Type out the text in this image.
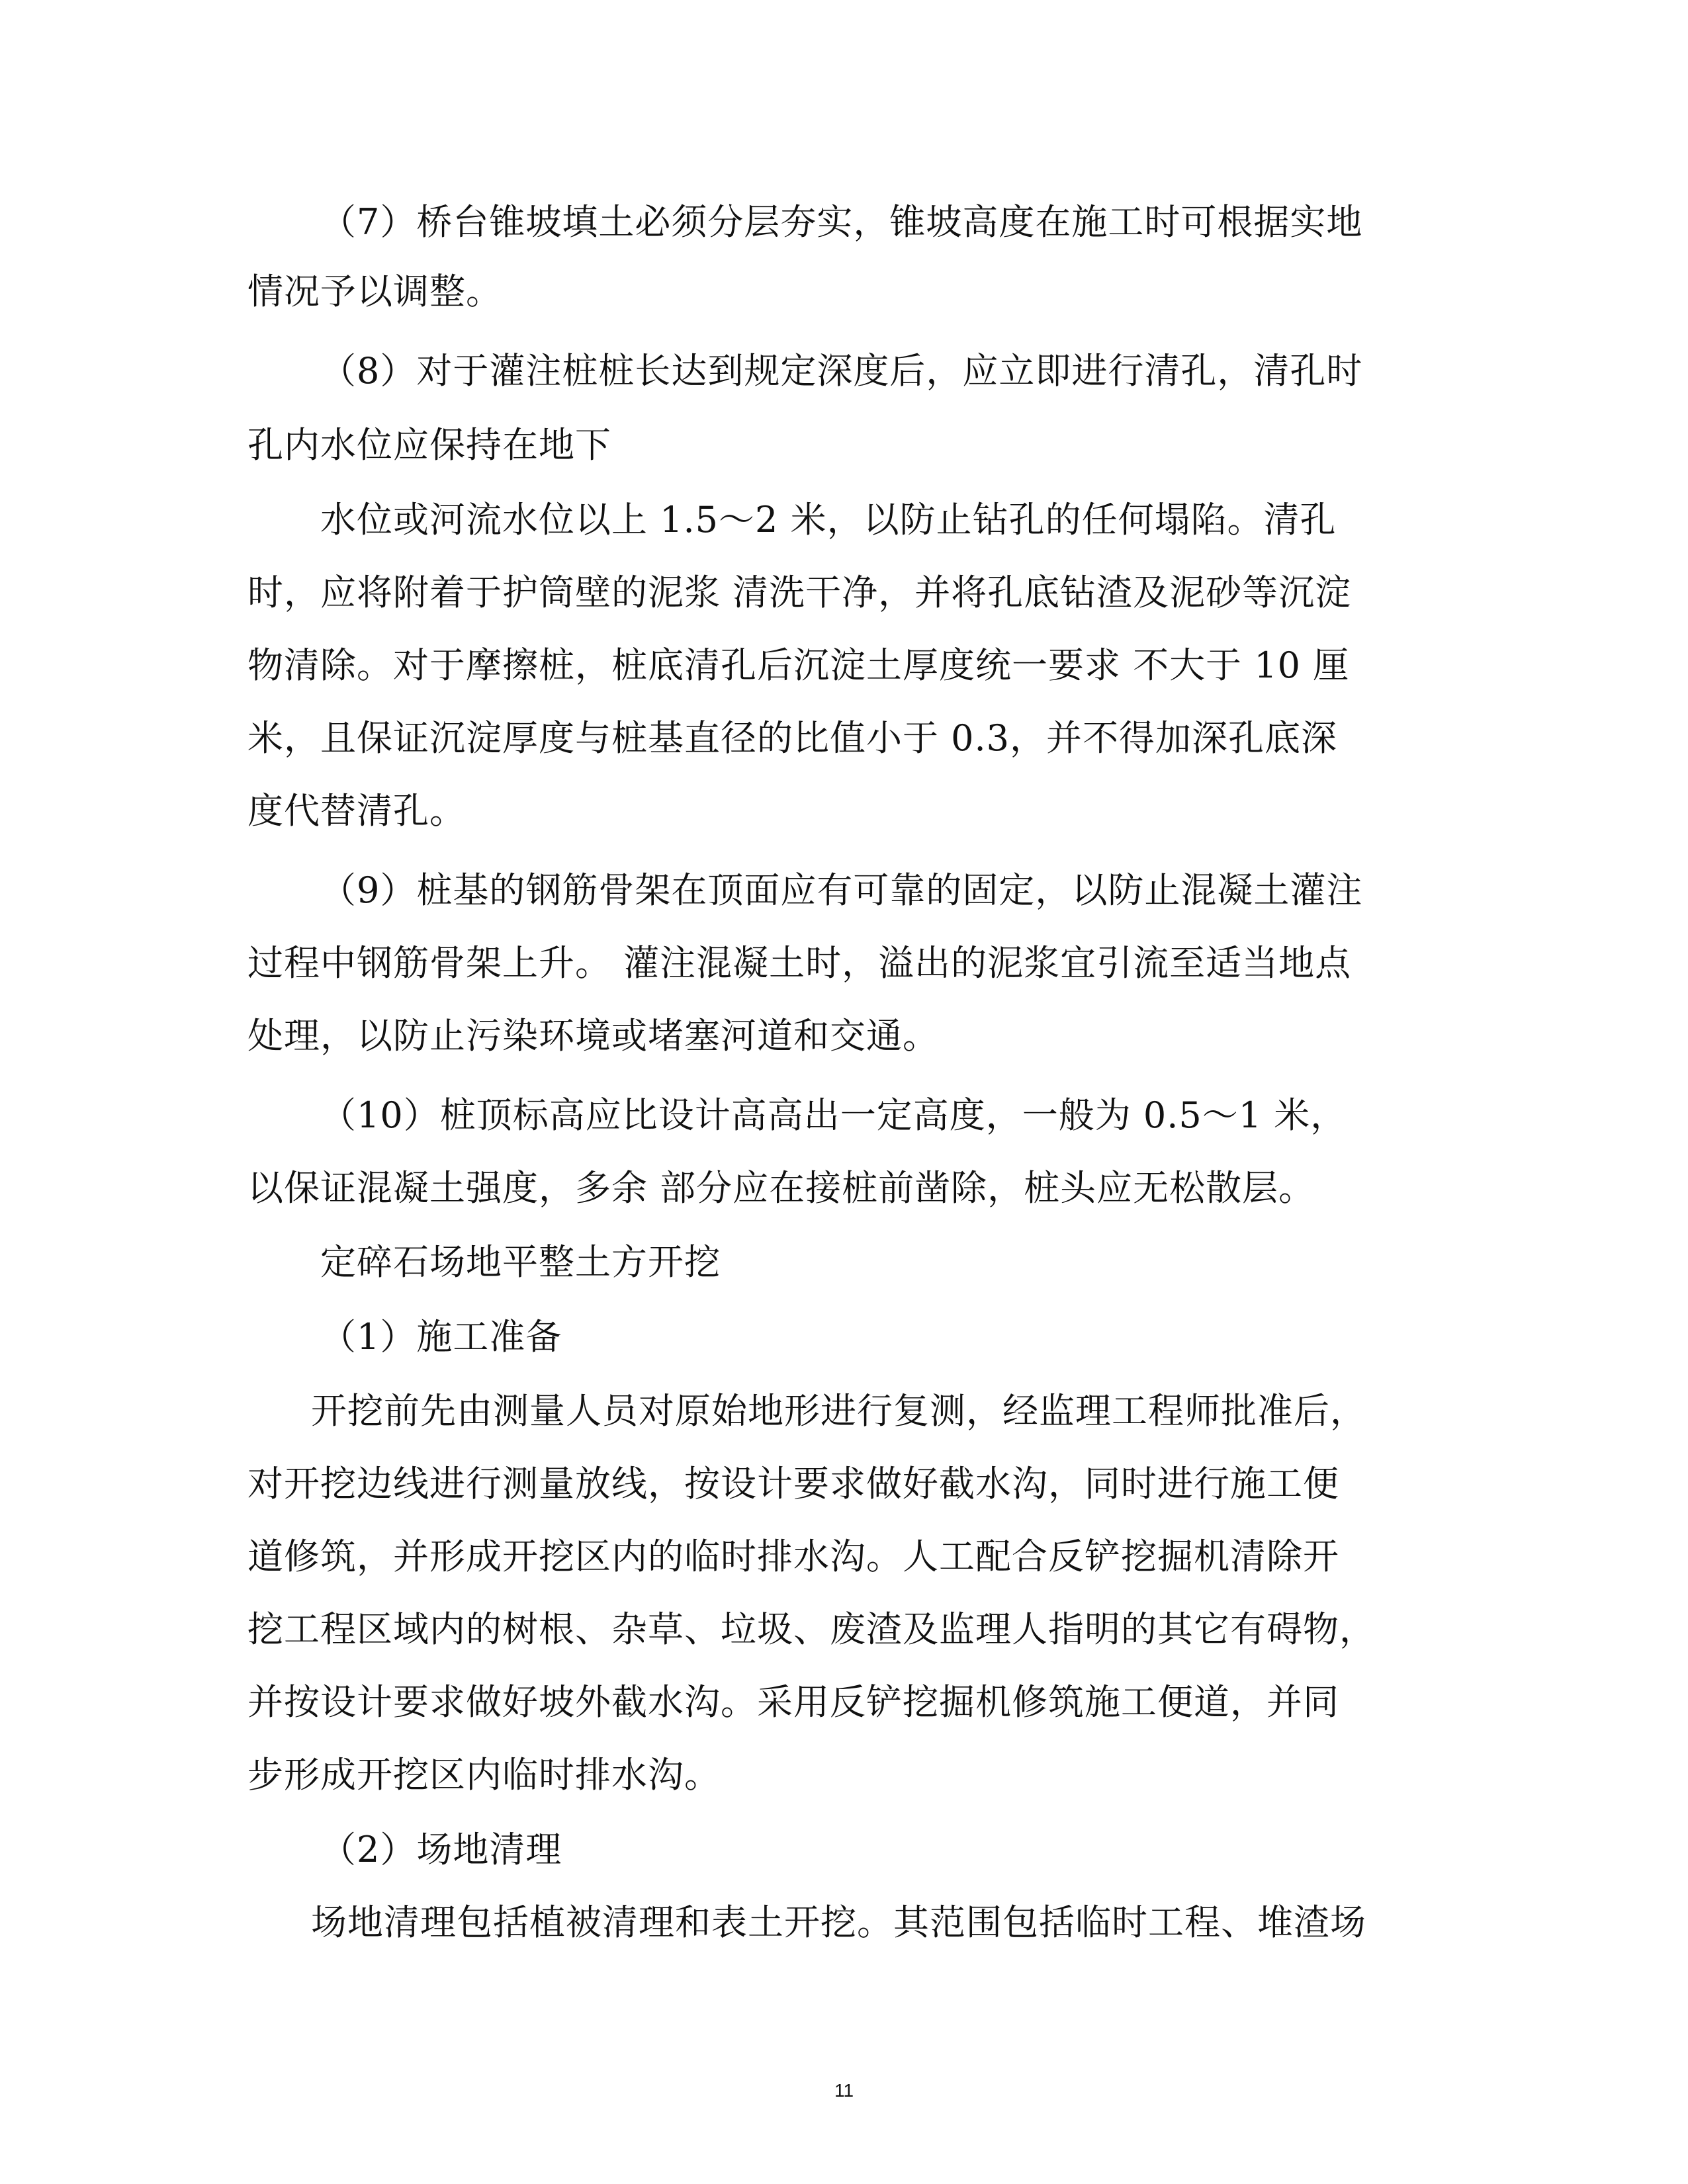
（7）桥台锥坡填土必须分层夯实，锥坡高度在施工时可根据实地
情况予以调整。
（8）对于灌注桩桩长达到规定深度后，应立即进行清孔，清孔时
孔内水位应保持在地下
水位或河流水位以上 1.5～2 米，以防止钻孔的任何塌陷。清孔
时，应将附着于护筒壁的泥浆 清洗干净，并将孔底钻渣及泥砂等沉淀
物清除。对于摩擦桩，桩底清孔后沉淀土厚度统一要求 不大于 10 厘
米，且保证沉淀厚度与桩基直径的比值小于 0.3，并不得加深孔底深
度代替清孔。
（9）桩基的钢筋骨架在顶面应有可靠的固定，以防止混凝土灌注
过程中钢筋骨架上升。 灌注混凝土时，溢出的泥浆宜引流至适当地点
处理，以防止污染环境或堵塞河道和交通。
（10）桩顶标高应比设计高高出一定高度，一般为 0.5～1 米，
以保证混凝土强度，多余 部分应在接桩前凿除，桩头应无松散层。
定碎石场地平整土方开挖
（1）施工准备
开挖前先由测量人员对原始地形进行复测，经监理工程师批准后，
对开挖边线进行测量放线，按设计要求做好截水沟，同时进行施工便
道修筑，并形成开挖区内的临时排水沟。人工配合反铲挖掘机清除开
挖工程区域内的树根、杂草、垃圾、废渣及监理人指明的其它有碍物，
并按设计要求做好坡外截水沟。采用反铲挖掘机修筑施工便道，并同
步形成开挖区内临时排水沟。
（2）场地清理
场地清理包括植被清理和表土开挖。其范围包括临时工程、堆渣场
11
